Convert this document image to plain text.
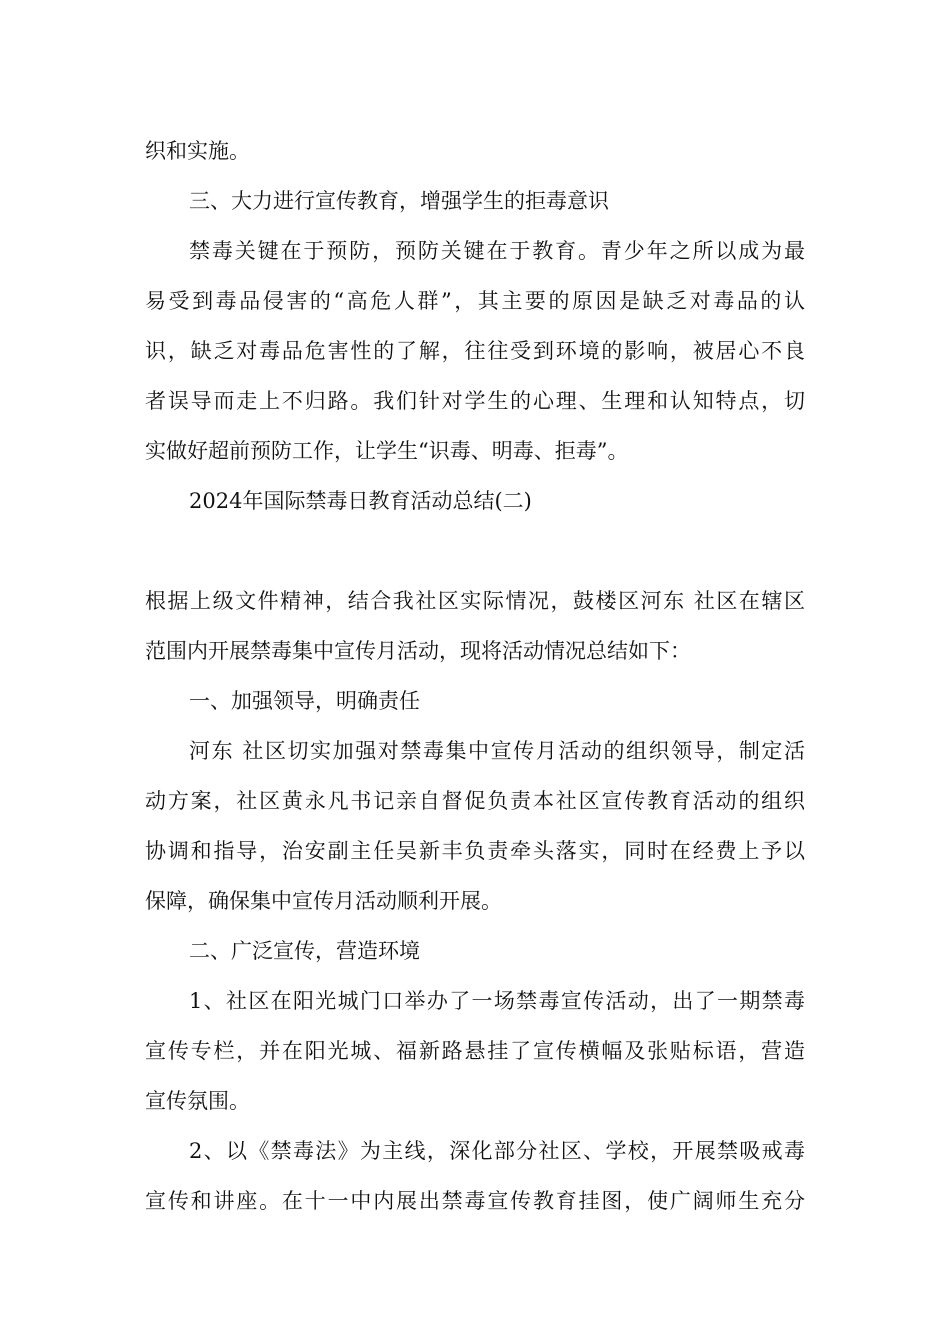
织和实施。
三、大力进行宣传教育，增强学生的拒毒意识
禁毒关键在于预防，预防关键在于教育。青少年之所以成为最
易受到毒品侵害的“高危人群”，其主要的原因是缺乏对毒品的认
识，缺乏对毒品危害性的了解，往往受到环境的影响，被居心不良
者误导而走上不归路。我们针对学生的心理、生理和认知特点，切
实做好超前预防工作，让学生“识毒、明毒、拒毒”。
2024年国际禁毒日教育活动总结(二)
根据上级文件精神，结合我社区实际情况，鼓楼区河东 社区在辖区
范围内开展禁毒集中宣传月活动，现将活动情况总结如下：
一、加强领导，明确责任
河东 社区切实加强对禁毒集中宣传月活动的组织领导，制定活
动方案，社区黄永凡书记亲自督促负责本社区宣传教育活动的组织
协调和指导，治安副主任吴新丰负责牵头落实，同时在经费上予以
保障，确保集中宣传月活动顺利开展。
二、广泛宣传，营造环境
1、社区在阳光城门口举办了一场禁毒宣传活动，出了一期禁毒
宣传专栏，并在阳光城、福新路悬挂了宣传横幅及张贴标语，营造
宣传氛围。
2、以《禁毒法》为主线，深化部分社区、学校，开展禁吸戒毒
宣传和讲座。在十一中内展出禁毒宣传教育挂图，使广阔师生充分
